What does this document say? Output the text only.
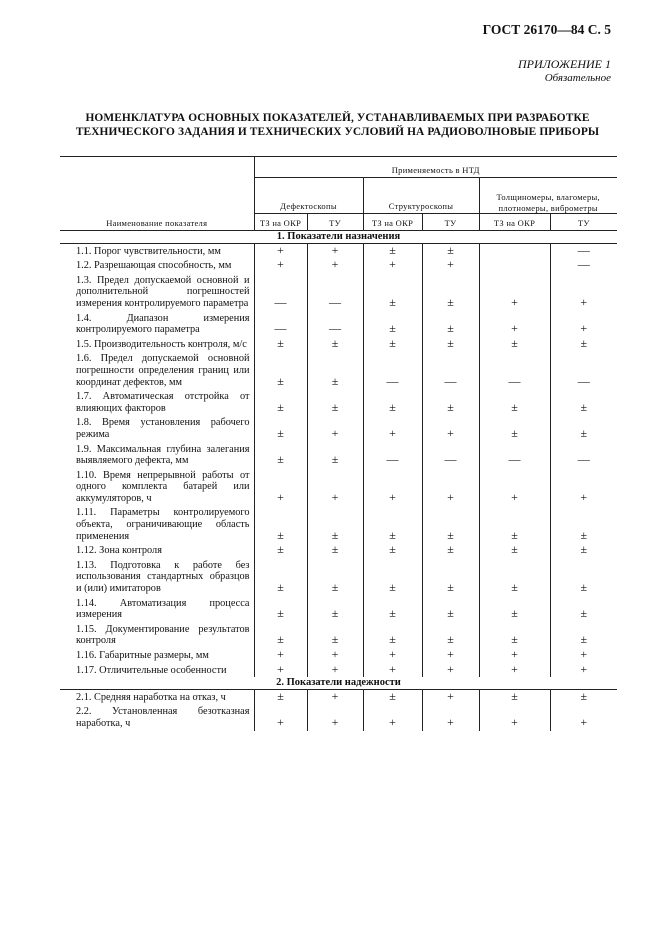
ГОСТ 26170—84 С. 5
ПРИЛОЖЕНИЕ 1
Обязательное
НОМЕНКЛАТУРА ОСНОВНЫХ ПОКАЗАТЕЛЕЙ, УСТАНАВЛИВАЕМЫХ ПРИ РАЗРАБОТКЕ
ТЕХНИЧЕСКОГО ЗАДАНИЯ И ТЕХНИЧЕСКИХ УСЛОВИЙ НА РАДИОВОЛНОВЫЕ ПРИБОРЫ
Наименование показателя	Применяемость в НТД					
	Дефектоскопы		Структуроскопы		Толщиномеры, влагомеры, плотномеры, виброметры	
	ТЗ на ОКР	ТУ	ТЗ на ОКР	ТУ	ТЗ на ОКР	ТУ
1. Показатели назначения						
1.1. Порог чувствительности, мм	+	+	±	±		—
1.2. Разрешающая способность, мм	+	+	+	+		—
1.3. Предел допускаемой основной и дополнительной погрешностей измерения контролируемого параметра	—	—	±	±	+	+
1.4. Диапазон измерения контролируемого параметра	—	—	±	±	+	+
1.5. Производительность контроля, м/с	±	±	±	±	±	±
1.6. Предел допускаемой основной погрешности определения границ или координат дефектов, мм	±	±	—	—	—	—
1.7. Автоматическая отстройка от влияющих факторов	±	±	±	±	±	±
1.8. Время установления рабочего режима	±	+	+	+	±	±
1.9. Максимальная глубина залегания выявляемого дефекта, мм	±	±	—	—	—	—
1.10. Время непрерывной работы от одного комплекта батарей или аккумуляторов, ч	+	+	+	+	+	+
1.11. Параметры контролируемого объекта, ограничивающие область применения	±	±	±	±	±	±
1.12. Зона контроля	±	±	±	±	±	±
1.13. Подготовка к работе без использования стандартных образцов и (или) имитаторов	±	±	±	±	±	±
1.14. Автоматизация процесса измерения	±	±	±	±	±	±
1.15. Документирование результатов контроля	±	±	±	±	±	±
1.16. Габаритные размеры, мм	+	+	+	+	+	+
1.17. Отличительные особенности	+	+	+	+	+	+
2. Показатели надежности						
2.1. Средняя наработка на отказ, ч	±	+	±	+	±	±
2.2. Установленная безотказная наработка, ч	+	+	+	+	+	+
